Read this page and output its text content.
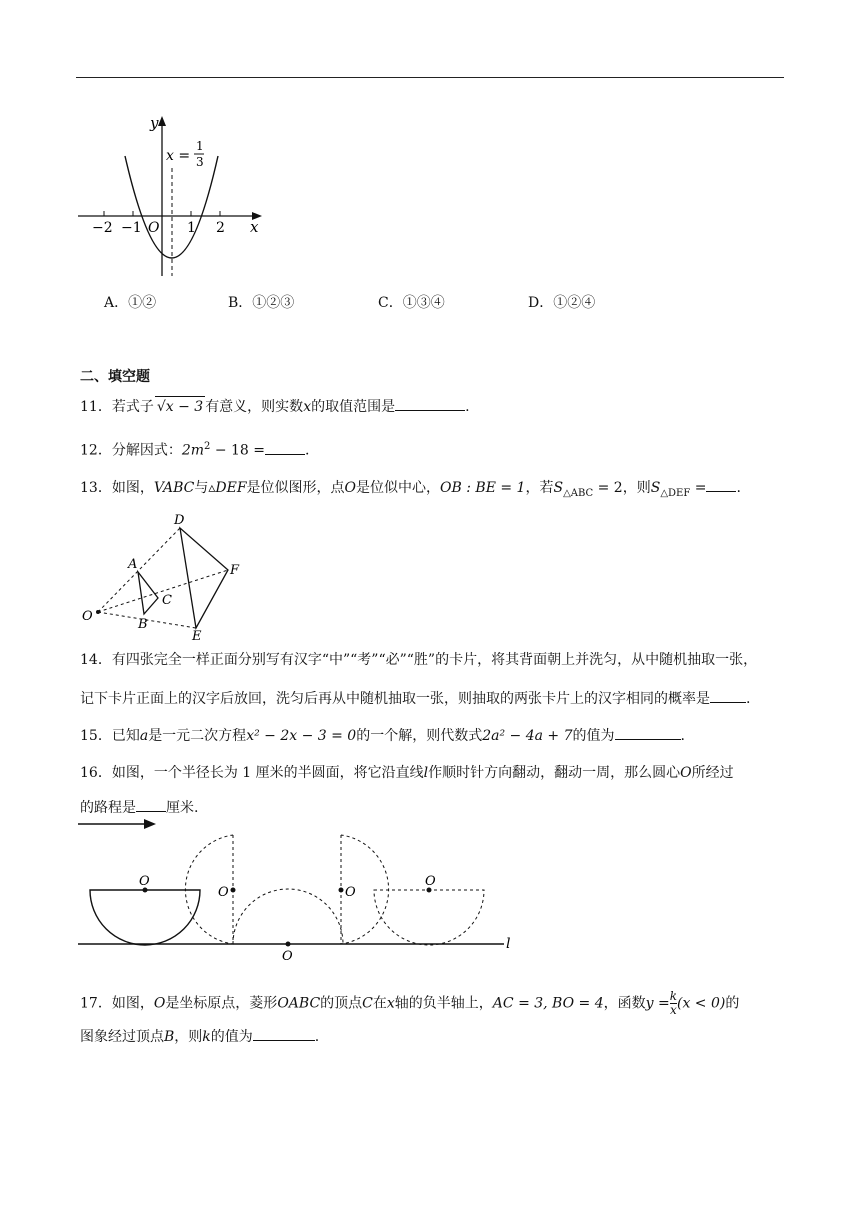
y
x
x =
1
3
−2 −1 O 1 2
A．①②	B．①②③	C．①③④	D．①②④
二、填空题
11．若式子 √x − 3 有意义，则实数x的取值范围是	.
12．分解因式：$2m^2 - 18$ =	.
13．如图，VABC与▵DEF是位似图形，点O是位似中心，OB : BE = 1，若$S_{\triangle ABC} = 2$，则$S_{\triangle DEF}$ = .
D
A	F
C
O
B
E
14．有四张完全一样正面分别写有汉字“中”“考”“必”“胜”的卡片，将其背面朝上并洗匀，从中随机抽取一张，
记下卡片正面上的汉字后放回，洗匀后再从中随机抽取一张，则抽取的两张卡片上的汉字相同的概率是	.
15．已知a是一元二次方程x² − 2x − 3 = 0的一个解，则代数式2a² − 4a + 7的值为	.
16．如图，一个半径长为 1 厘米的半圆面，将它沿直线l作顺时针方向翻动，翻动一周，那么圆心O所经过
的路程是 厘米.
l
O
O
O
O
O
17．如图，O是坐标原点，菱形OABC的顶点C在x轴的负半轴上，AC = 3, BO = 4，函数$y = \frac{k}{x} (x < 0)$的
图象经过顶点B，则k的值为	.
